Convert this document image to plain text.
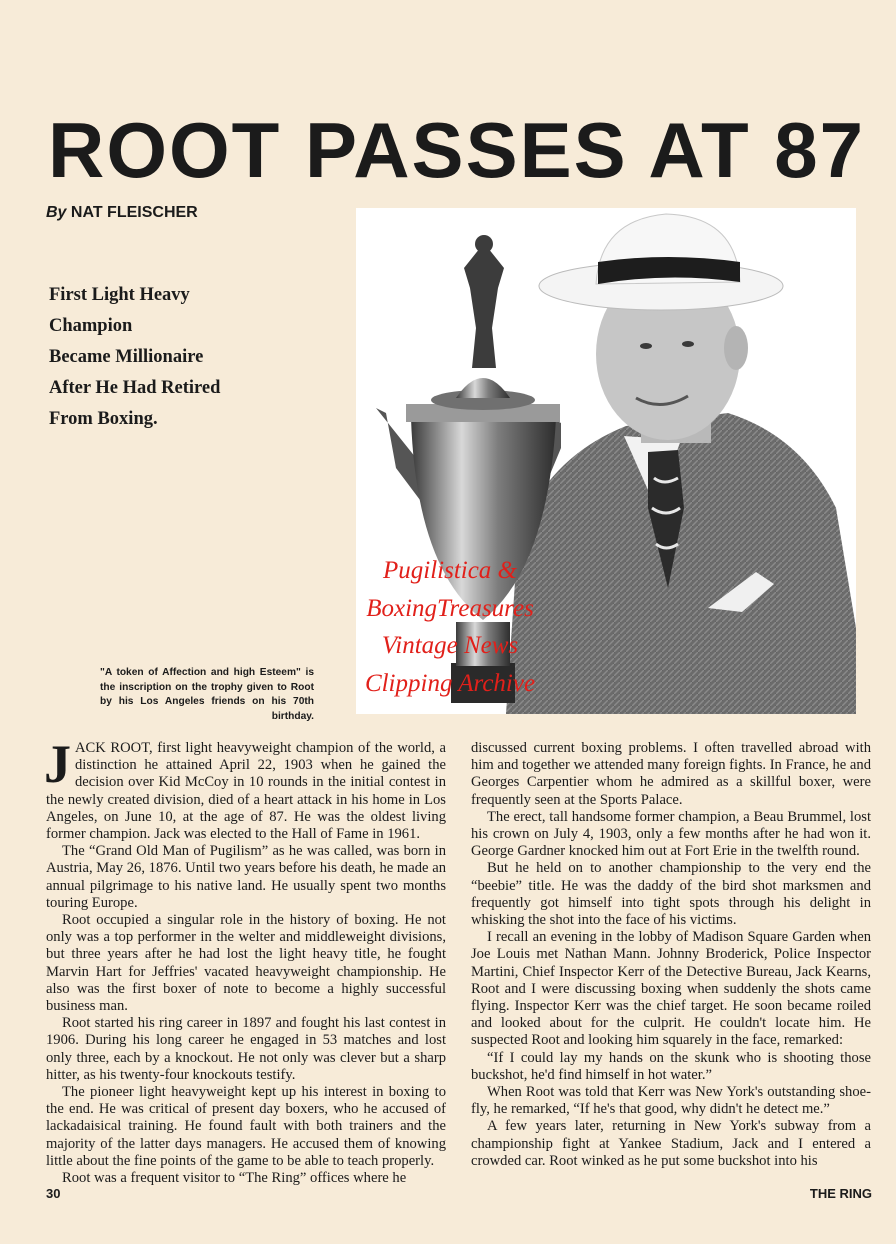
ROOT PASSES AT 87
By NAT FLEISCHER
First Light Heavy
Champion
Became Millionaire
After He Had Retired
From Boxing.
"A token of Affection and high Esteem" is the inscription on the trophy given to Root by his Los Angeles friends on his 70th birthday.
Pugilistica &
BoxingTreasures
Vintage News
Clipping Archive

JACK ROOT, first light heavyweight champion of the world, a distinction he attained April 22, 1903 when he gained the decision over Kid McCoy in 10 rounds in the initial contest in the newly created division, died of a heart attack in his home in Los Angeles, on June 10, at the age of 87. He was the oldest living former champion. Jack was elected to the Hall of Fame in 1961.

The “Grand Old Man of Pugilism” as he was called, was born in Austria, May 26, 1876. Until two years before his death, he made an annual pilgrimage to his native land. He usually spent two months touring Europe.

Root occupied a singular role in the history of boxing. He not only was a top performer in the welter and middleweight divisions, but three years after he had lost the light heavy title, he fought Marvin Hart for Jeffries' vacated heavyweight championship. He also was the first boxer of note to become a highly successful business man.

Root started his ring career in 1897 and fought his last contest in 1906. During his long career he engaged in 53 matches and lost only three, each by a knockout. He not only was clever but a sharp hitter, as his twenty-four knockouts testify.

The pioneer light heavyweight kept up his interest in boxing to the end. He was critical of present day boxers, who he accused of lackadaisical training. He found fault with both trainers and the majority of the latter days managers. He accused them of knowing little about the fine points of the game to be able to teach properly.

Root was a frequent visitor to “The Ring” offices where he

discussed current boxing problems. I often travelled abroad with him and together we attended many foreign fights. In France, he and Georges Carpentier whom he admired as a skillful boxer, were frequently seen at the Sports Palace.

The erect, tall handsome former champion, a Beau Brummel, lost his crown on July 4, 1903, only a few months after he had won it. George Gardner knocked him out at Fort Erie in the twelfth round.

But he held on to another championship to the very end the “beebie” title. He was the daddy of the bird shot marksmen and frequently got himself into tight spots through his delight in whisking the shot into the face of his victims.

I recall an evening in the lobby of Madison Square Garden when Joe Louis met Nathan Mann. Johnny Broderick, Police Inspector Martini, Chief Inspector Kerr of the Detective Bureau, Jack Kearns, Root and I were discussing boxing when suddenly the shots came flying. Inspector Kerr was the chief target. He soon became roiled and looked about for the culprit. He couldn't locate him. He suspected Root and looking him squarely in the face, remarked:

“If I could lay my hands on the skunk who is shooting those buckshot, he'd find himself in hot water.”

When Root was told that Kerr was New York's outstanding shoe-fly, he remarked, “If he's that good, why didn't he detect me.”

A few years later, returning in New York's subway from a championship fight at Yankee Stadium, Jack and I entered a crowded car. Root winked as he put some buckshot into his

30	THE RING
